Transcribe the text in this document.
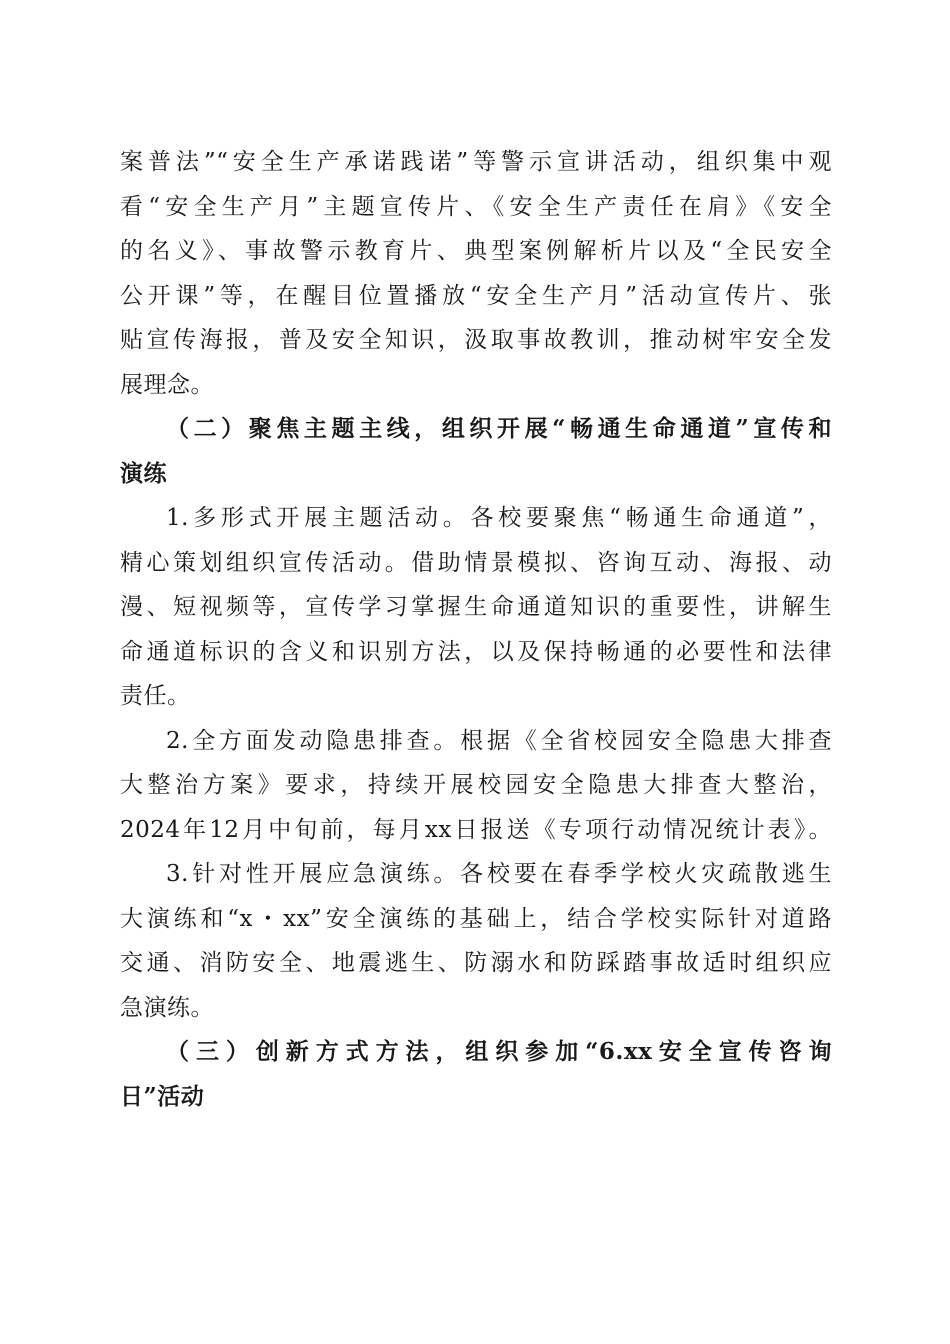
案普法”“安全生产承诺践诺”等警示宣讲活动，组织集中观
看“安全生产月”主题宣传片、《安全生产责任在肩》《安全
的名义》、事故警示教育片、典型案例解析片以及“全民安全
公开课”等，在醒目位置播放“安全生产月”活动宣传片、张
贴宣传海报，普及安全知识，汲取事故教训，推动树牢安全发
展理念。
（二）聚焦主题主线，组织开展“畅通生命通道”宣传和
演练
1.多形式开展主题活动。各校要聚焦“畅通生命通道”，
精心策划组织宣传活动。借助情景模拟、咨询互动、海报、动
漫、短视频等，宣传学习掌握生命通道知识的重要性，讲解生
命通道标识的含义和识别方法，以及保持畅通的必要性和法律
责任。
2.全方面发动隐患排查。根据《全省校园安全隐患大排查
大整治方案》要求，持续开展校园安全隐患大排查大整治，
2024年12月中旬前，每月xx日报送《专项行动情况统计表》。
3.针对性开展应急演练。各校要在春季学校火灾疏散逃生
大演练和“x・xx”安全演练的基础上，结合学校实际针对道路
交通、消防安全、地震逃生、防溺水和防踩踏事故适时组织应
急演练。
（三）创新方式方法，组织参加“6.xx安全宣传咨询
日”活动
